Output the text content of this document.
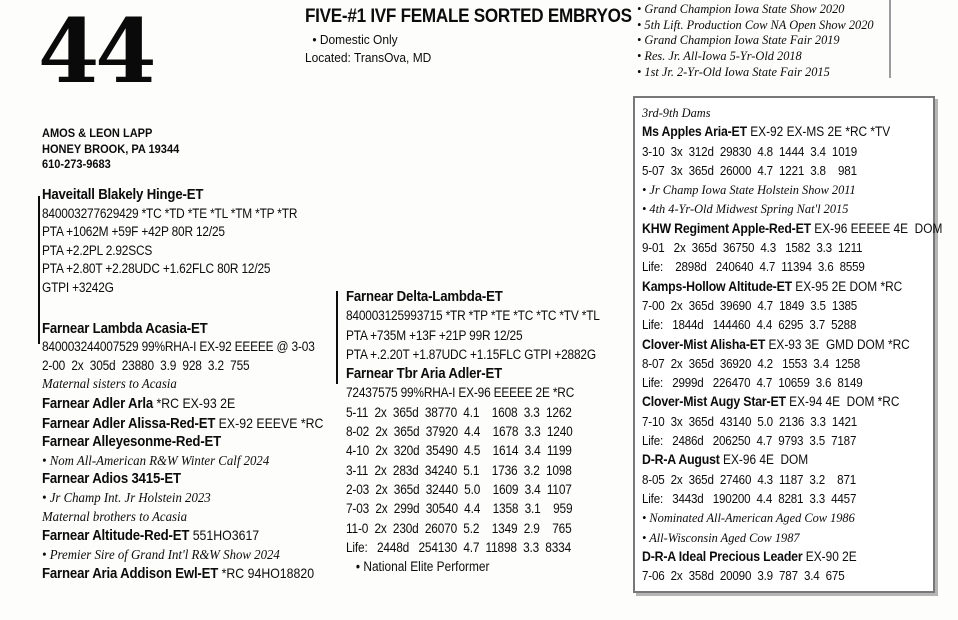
44
AMOS & LEON LAPP
HONEY BROOK, PA 19344
610-273-9683
FIVE-#1 IVF FEMALE SORTED EMBRYOS
• Domestic Only
Located: TransOva, MD
• Grand Champion Iowa State Show 2020
• 5th Lift. Production Cow NA Open Show 2020
• Grand Champion Iowa State Fair 2019
• Res. Jr. All-Iowa 5-Yr-Old 2018
• 1st Jr. 2-Yr-Old Iowa State Fair 2015
Haveitall Blakely Hinge-ET
840003277629429 *TC *TD *TE *TL *TM *TP *TR
PTA +1062M +59F +42P 80R 12/25
PTA +2.2PL 2.92SCS
PTA +2.80T +2.28UDC +1.62FLC 80R 12/25
GTPI +3242G
Farnear Lambda Acasia-ET
840003244007529 99%RHA-I EX-92 EEEEE @ 3-03
2-00  2x  305d  23880  3.9  928  3.2  755
Maternal sisters to Acasia
Farnear Adler Arla *RC EX-93 2E
Farnear Adler Alissa-Red-ET EX-92 EEEVE *RC
Farnear Alleyesonme-Red-ET
• Nom All-American R&W Winter Calf 2024
Farnear Adios 3415-ET
• Jr Champ Int. Jr Holstein 2023
Maternal brothers to Acasia
Farnear Altitude-Red-ET 551HO3617
• Premier Sire of Grand Int'l R&W Show 2024
Farnear Aria Addison Ewl-ET *RC 94HO18820
Farnear Delta-Lambda-ET
840003125993715 *TR *TP *TE *TC *TC *TV *TL
PTA +735M +13F +21P 99R 12/25
PTA +.2.20T +1.87UDC +1.15FLC GTPI +2882G
Farnear Tbr Aria Adler-ET
72437575 99%RHA-I EX-96 EEEEE 2E *RC
5-11  2x  365d  38770  4.1    1608  3.3  1262
8-02  2x  365d  37920  4.4    1678  3.3  1240
4-10  2x  320d  35490  4.5    1614  3.4  1199
3-11  2x  283d  34240  5.1    1736  3.2  1098
2-03  2x  365d  32440  5.0    1609  3.4  1107
7-03  2x  299d  30540  4.4    1358  3.1    959
11-0  2x  230d  26070  5.2    1349  2.9    765
Life:   2448d   254130  4.7  11898  3.3  8334
• National Elite Performer
3rd-9th Dams
Ms Apples Aria-ET EX-92 EX-MS 2E *RC *TV
3-10  3x  312d  29830  4.8  1444  3.4  1019
5-07  3x  365d  26000  4.7  1221  3.8    981
• Jr Champ Iowa State Holstein Show 2011
• 4th 4-Yr-Old Midwest Spring Nat'l 2015
KHW Regiment Apple-Red-ET EX-96 EEEEE 4E  DOM
9-01   2x  365d  36750  4.3   1582  3.3  1211
Life:    2898d   240640  4.7  11394  3.6  8559
Kamps-Hollow Altitude-ET EX-95 2E DOM *RC
7-00  2x  365d  39690  4.7  1849  3.5  1385
Life:   1844d   144460  4.4  6295  3.7  5288
Clover-Mist Alisha-ET EX-93 3E  GMD DOM *RC
8-07  2x  365d  36920  4.2   1553  3.4  1258
Life:   2999d   226470  4.7  10659  3.6  8149
Clover-Mist Augy Star-ET EX-94 4E  DOM *RC
7-10  3x  365d  43140  5.0  2136  3.3  1421
Life:   2486d   206250  4.7  9793  3.5  7187
D-R-A August EX-96 4E  DOM
8-05  2x  365d  27460  4.3  1187  3.2    871
Life:   3443d   190200  4.4  8281  3.3  4457
• Nominated All-American Aged Cow 1986
• All-Wisconsin Aged Cow 1987
D-R-A Ideal Precious Leader EX-90 2E
7-06  2x  358d  20090  3.9  787  3.4  675
